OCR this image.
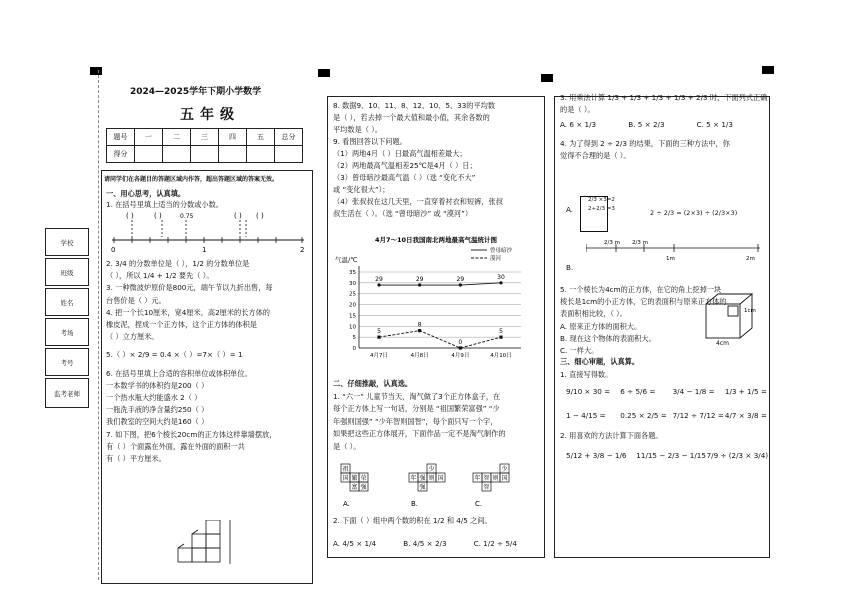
学校
班级
姓名
考场
考号
监考老师
2024—2025学年下期小学数学
五年级
题号	一	二	三	四	五	总分
得分						
请同学们在各题目的答题区域内作答，超出答题区域的答案无效。
一、用心思考，认真填。
1. 在括号里填上适当的分数或小数。
( )	( )	0.75	( ) ( )
0	1	2
2. 3/4 的分数单位是（ ），1/2 的分数单位是
（ ），所以 1/4 + 1/2 要先（ ）。
3. 一种微波炉原价是800元，端午节以九折出售，每
台售价是（ ）元。
4. 把一个长10厘米，宽4厘米，高2厘米的长方体的
橡皮泥，捏成一个正方体，这个正方体的体积是
（ ）立方厘米。
5.（ ）× 2/9 = 0.4 ×（ ）=7×（ ）= 1
6. 在括号里填上合适的容积单位或体积单位。
一本数学书的体积约是200（ ）
一个热水瓶大约能盛水 2（ ）
一瓶洗手液的净含量约250（ ）
我们教室的空间大约是160（ ）
7. 如下图，把6个棱长20cm的正方体这样靠墙摆放，
有（ ）个面露在外面，露在外面的面积一共
有（ ）平方厘米。
8. 数据9、10、11、8、12、10、5、33的平均数
是（ ），若去掉一个最大值和最小值，其余各数的
平均数是（ ）。
9. 看图回答以下问题。
（1）两地4月（ ）日最高气温相差最大；
（2）两地最高气温相差25℃是4月（ ）日；
（3）曾母暗沙最高气温（ ）（选 “变化不大”
或 “变化很大”）；
（4）张叔叔在这几天里，一直穿着衬衣和短裤，张叔
叔生活在（ ）。（选 “曾母暗沙” 或 “漠河”）
4月7～10日我国南北两地最高气温统计图
气温/℃
0
5
10
15
20
25
30
35
4月7日	4月8日	4月9日	4月10日
29	29	29	30
5
8
0
5
曾母暗沙
漠河
二、仔细推敲，认真选。
1. “六一” 儿童节当天，淘气做了3个正方体盒子，在
每个正方体上写一句话，分别是 “祖国繁荣富强” “少
年强则国强” “少年智则国智”，每个面只写一个字，
如果把这些正方体展开，下面作品一定不是淘气制作的
是（ ）。
祖
国 繁 荣
富 强
A.
少
年 强 则 国
强
B.
少
年 智 则 国
智
C.
2. 下面（ ）组中两个数的积在 1/2 和 4/5 之间。
A. 4/5 × 1/4	B. 4/5 × 2/3	C. 1/2 ÷ 5/4
3. 用乘法计算 1/3 + 1/3 + 1/3 + 1/3 + 2/3 时，下面列式正确
的是（ ）。
A. 6 × 1/3	B. 5 × 2/3	C. 5 × 1/3
4. 为了得到 2 ÷ 2/3 的结果，下面的三种方法中，你
觉得不合理的是（ ）。
2/3 ×3=2
2÷2/3 =3
A.	2 ÷ 2/3 = (2×3) ÷ (2/3×3)
2/3 m 2/3 m
1m	2m
B.
5. 一个棱长为4cm的正方体，在它的角上挖掉一块
棱长是1cm的小正方体，它的表面积与原来正方体的
表面积相比较，（ ）。
A. 原来正方体的面积大。
B. 现在这个物体的表面积大。
C. 一样大。
1cm
4cm
三、细心审题，认真算。
1. 直接写得数。
9/10 × 30 = 6 ÷ 5/6 = 3/4 − 1/8 = 1/3 + 1/5 =
1 − 4/15 = 0.25 × 2/5 = 7/12 ÷ 7/12 = 4/7 × 3/8 =
2. 用喜欢的方法计算下面各题。
5/12 + 3/8 − 1/6 11/15 − 2/3 − 1/15 7/9 ÷ (2/3 × 3/4)
